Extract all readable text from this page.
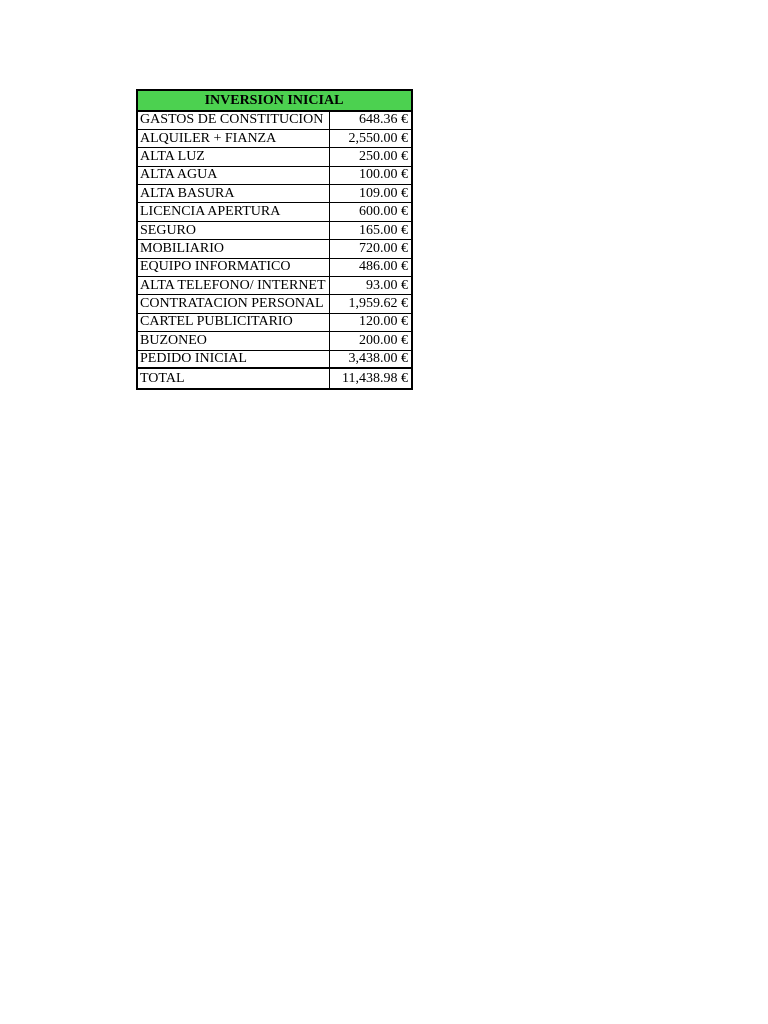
INVERSION INICIAL	
GASTOS DE CONSTITUCION	648.36 €
ALQUILER + FIANZA	2,550.00 €
ALTA LUZ	250.00 €
ALTA AGUA	100.00 €
ALTA BASURA	109.00 €
LICENCIA APERTURA	600.00 €
SEGURO	165.00 €
MOBILIARIO	720.00 €
EQUIPO INFORMATICO	486.00 €
ALTA TELEFONO/ INTERNET	93.00 €
CONTRATACION PERSONAL	1,959.62 €
CARTEL PUBLICITARIO	120.00 €
BUZONEO	200.00 €
PEDIDO INICIAL	3,438.00 €
TOTAL	11,438.98 €
